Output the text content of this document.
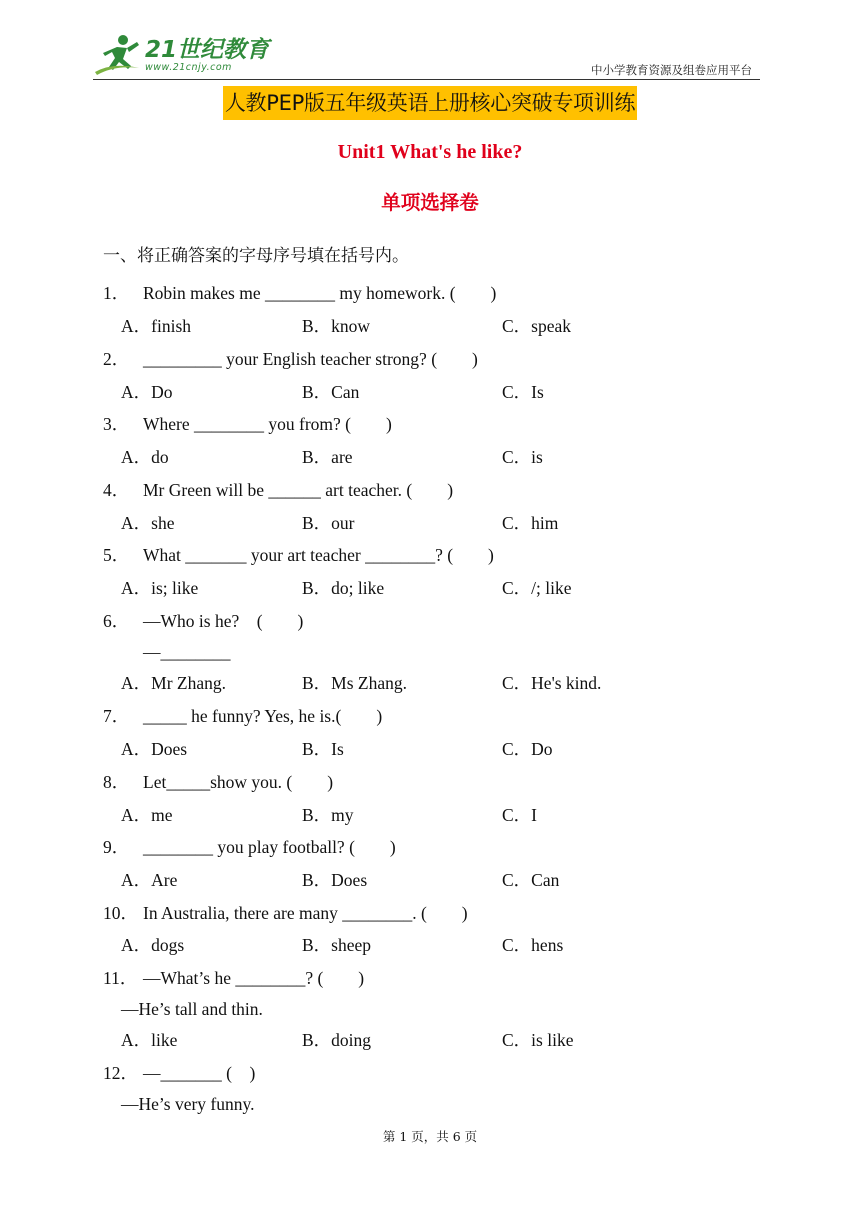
21世纪教育
www.21cnjy.com	中小学教育资源及组卷应用平台
人教PEP版五年级英语上册核心突破专项训练
Unit1 What's he like?
单项选择卷
一、将正确答案的字母序号填在括号内。
1． Robin makes me ________ my homework. (　　)
A．finish	B．know	C．speak
2． _________ your English teacher strong? (　　)
A．Do	B．Can	C．Is
3． Where ________ you from? (　　)
A．do	B．are	C．is
4． Mr Green will be ______ art teacher. (　　)
A．she	B．our	C．him
5． What _______ your art teacher ________? (　　)
A．is; like	B．do; like	C．/; like
6． —Who is he?　(　　)
—________
A．Mr Zhang.	B．Ms Zhang.	C．He's kind.
7． _____ he funny? Yes, he is.(　　)
A．Does	B．Is	C．Do
8． Let_____show you. (　　)
A．me	B．my	C．I
9． ________ you play football? (　　)
A．Are	B．Does	C．Can
10． In Australia, there are many ________. (　　)
A．dogs	B．sheep	C．hens
11． —What’s he ________? (　　)
—He’s tall and thin.
A．like	B．doing	C．is like
12． —_______ (　)
—He’s very funny.
第 1 页，共 6 页
